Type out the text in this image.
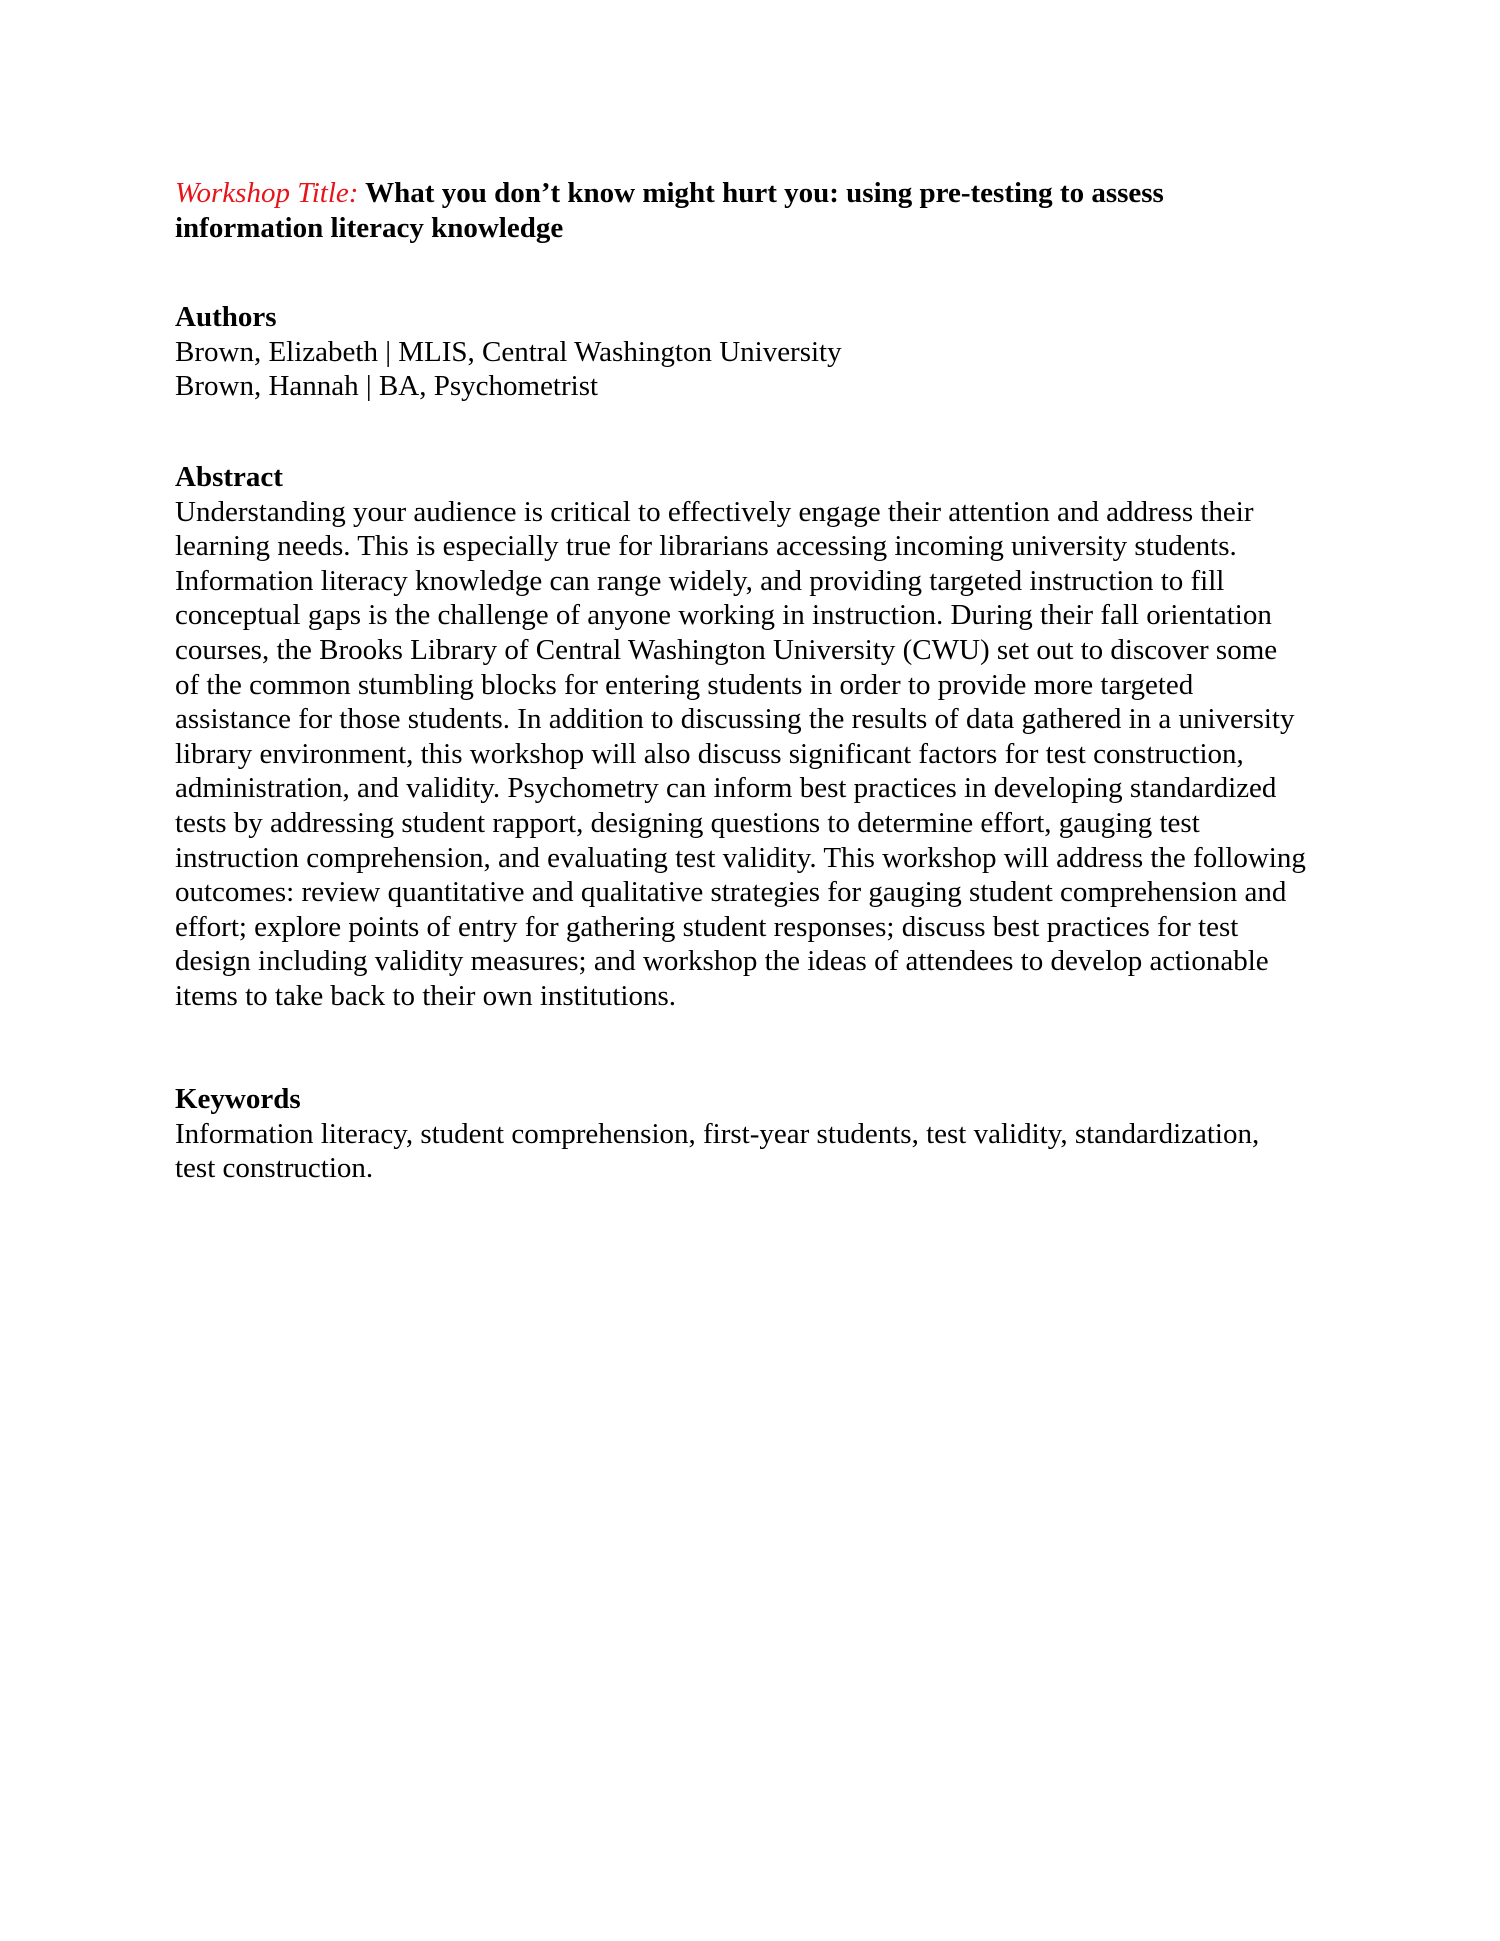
Workshop Title: What you don’t know might hurt you: using pre-testing to assess
information literacy knowledge
Authors
Brown, Elizabeth | MLIS, Central Washington University
Brown, Hannah | BA, Psychometrist
Abstract
Understanding your audience is critical to effectively engage their attention and address their
learning needs. This is especially true for librarians accessing incoming university students.
Information literacy knowledge can range widely, and providing targeted instruction to fill
conceptual gaps is the challenge of anyone working in instruction. During their fall orientation
courses, the Brooks Library of Central Washington University (CWU) set out to discover some
of the common stumbling blocks for entering students in order to provide more targeted
assistance for those students. In addition to discussing the results of data gathered in a university
library environment, this workshop will also discuss significant factors for test construction,
administration, and validity. Psychometry can inform best practices in developing standardized
tests by addressing student rapport, designing questions to determine effort, gauging test
instruction comprehension, and evaluating test validity. This workshop will address the following
outcomes: review quantitative and qualitative strategies for gauging student comprehension and
effort; explore points of entry for gathering student responses; discuss best practices for test
design including validity measures; and workshop the ideas of attendees to develop actionable
items to take back to their own institutions.
Keywords
Information literacy, student comprehension, first-year students, test validity, standardization,
test construction.
